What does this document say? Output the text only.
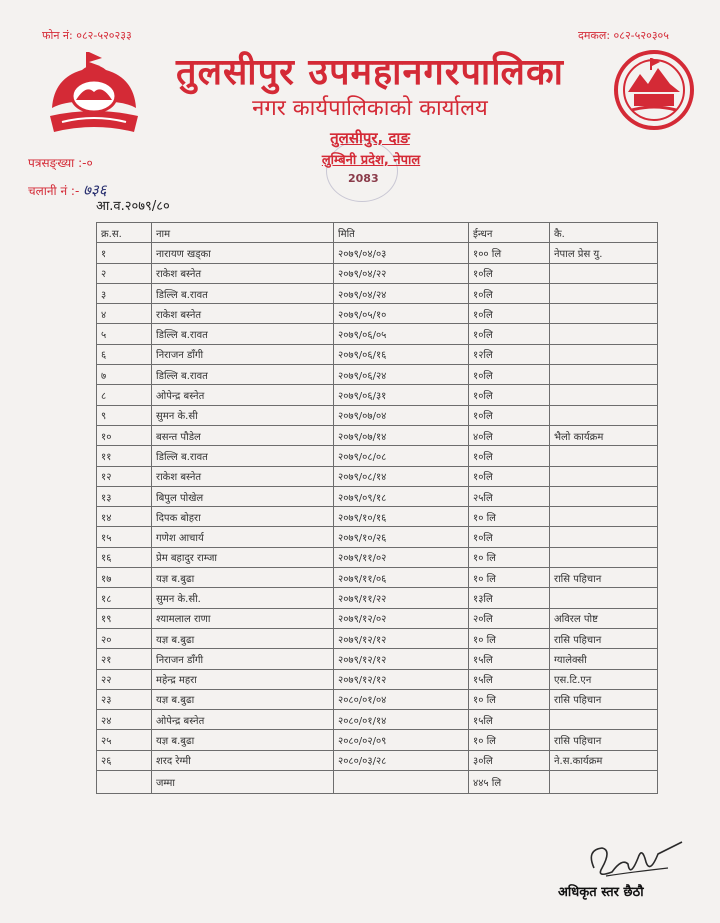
फोन नं: ०८२-५२०२३३	दमकल: ०८२-५२०३०५
तुलसीपुर उपमहानगरपालिका
नगर कार्यपालिकाको कार्यालय
तुलसीपुर, दाङ
लुम्बिनी प्रदेश, नेपाल
2083
पत्रसङ्ख्या :-०
चलानी नं :- ७३६
आ.व.२०७९/८०
क्र.स.	नाम	मिति	ईन्धन	कै.
१	नारायण खड्का	२०७९/०४/०३	१०० लि	नेपाल प्रेस यु.
२	राकेश बस्नेत	२०७९/०४/२२	१०लि	
३	डिल्लि ब.रावत	२०७९/०४/२४	१०लि	
४	राकेश बस्नेत	२०७९/०५/१०	१०लि	
५	डिल्लि ब.रावत	२०७९/०६/०५	१०लि	
६	निराजन डाँगी	२०७९/०६/१६	१२लि	
७	डिल्लि ब.रावत	२०७९/०६/२४	१०लि	
८	ओपेन्द्र बस्नेत	२०७९/०६/३१	१०लि	
९	सुमन के.सी	२०७९/०७/०४	१०लि	
१०	बसन्त पौडेल	२०७९/०७/१४	४०लि	भैलो कार्यक्रम
११	डिल्लि ब.रावत	२०७९/०८/०८	१०लि	
१२	राकेश बस्नेत	२०७९/०८/१४	१०लि	
१३	बिपुल पोखेल	२०७९/०९/१८	२५लि	
१४	दिपक बोहरा	२०७९/१०/१६	१० लि	
१५	गणेश आचार्य	२०७९/१०/२६	१०लि	
१६	प्रेम बहादुर राम्जा	२०७९/११/०२	१० लि	
१७	यज्ञ ब.बुढा	२०७९/११/०६	१० लि	रासि पहिचान
१८	सुमन के.सी.	२०७९/११/२२	१३लि	
१९	श्यामलाल राणा	२०७९/१२/०२	२०लि	अविरल पोष्ट
२०	यज्ञ ब.बुढा	२०७९/१२/१२	१० लि	रासि पहिचान
२१	निराजन डाँगी	२०७९/१२/१२	१५लि	ग्यालेक्सी
२२	महेन्द्र महरा	२०७९/१२/१२	१५लि	एस.टि.एन
२३	यज्ञ ब.बुढा	२०८०/०१/०४	१० लि	रासि पहिचान
२४	ओपेन्द्र बस्नेत	२०८०/०१/१४	१५लि	
२५	यज्ञ ब.बुढा	२०८०/०२/०९	१० लि	रासि पहिचान
२६	शरद रेग्मी	२०८०/०३/२८	३०लि	ने.स.कार्यक्रम
	जम्मा		४४५ लि	
अधिकृत स्तर छैठौ
